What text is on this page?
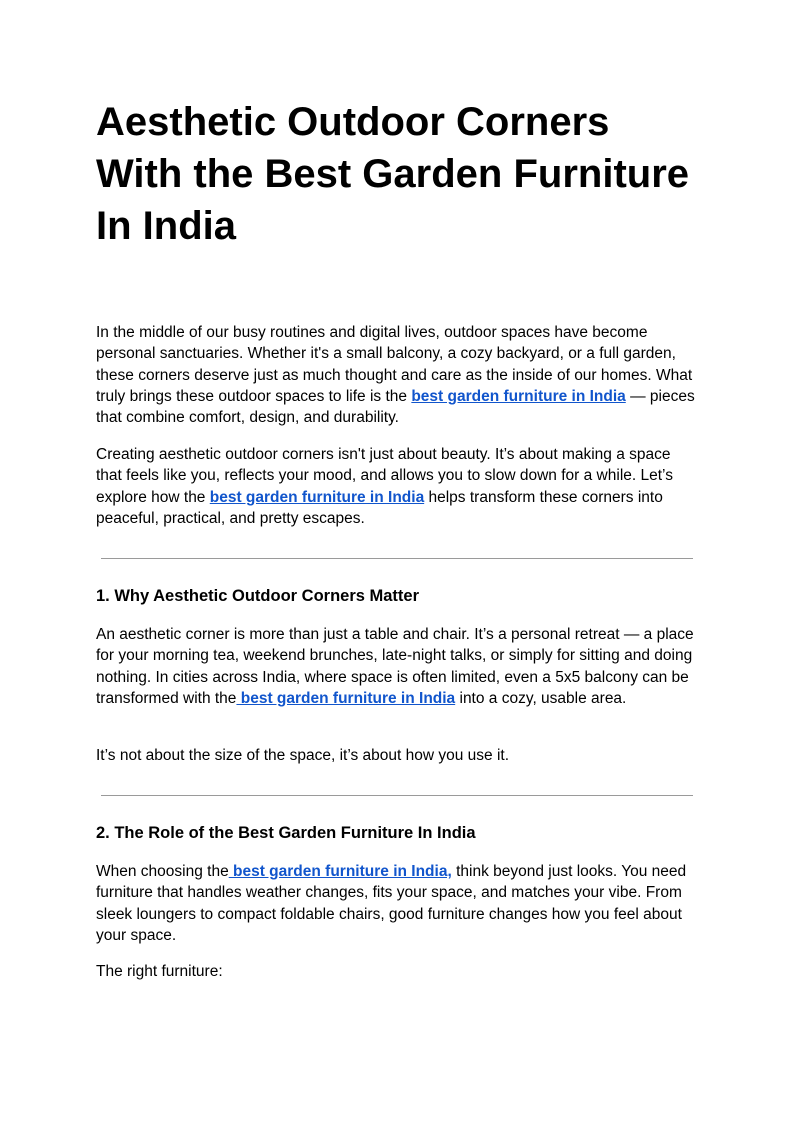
Aesthetic Outdoor Corners With the Best Garden Furniture In India

In the middle of our busy routines and digital lives, outdoor spaces have become personal sanctuaries. Whether it's a small balcony, a cozy backyard, or a full garden, these corners deserve just as much thought and care as the inside of our homes. What truly brings these outdoor spaces to life is the best garden furniture in India — pieces that combine comfort, design, and durability.

Creating aesthetic outdoor corners isn't just about beauty. It’s about making a space that feels like you, reflects your mood, and allows you to slow down for a while. Let’s explore how the best garden furniture in India helps transform these corners into peaceful, practical, and pretty escapes.

1. Why Aesthetic Outdoor Corners Matter

An aesthetic corner is more than just a table and chair. It’s a personal retreat — a place for your morning tea, weekend brunches, late-night talks, or simply for sitting and doing nothing. In cities across India, where space is often limited, even a 5x5 balcony can be transformed with the best garden furniture in India into a cozy, usable area.

It’s not about the size of the space, it’s about how you use it.

2. The Role of the Best Garden Furniture In India

When choosing the best garden furniture in India, think beyond just looks. You need furniture that handles weather changes, fits your space, and matches your vibe. From sleek loungers to compact foldable chairs, good furniture changes how you feel about your space.

The right furniture:
